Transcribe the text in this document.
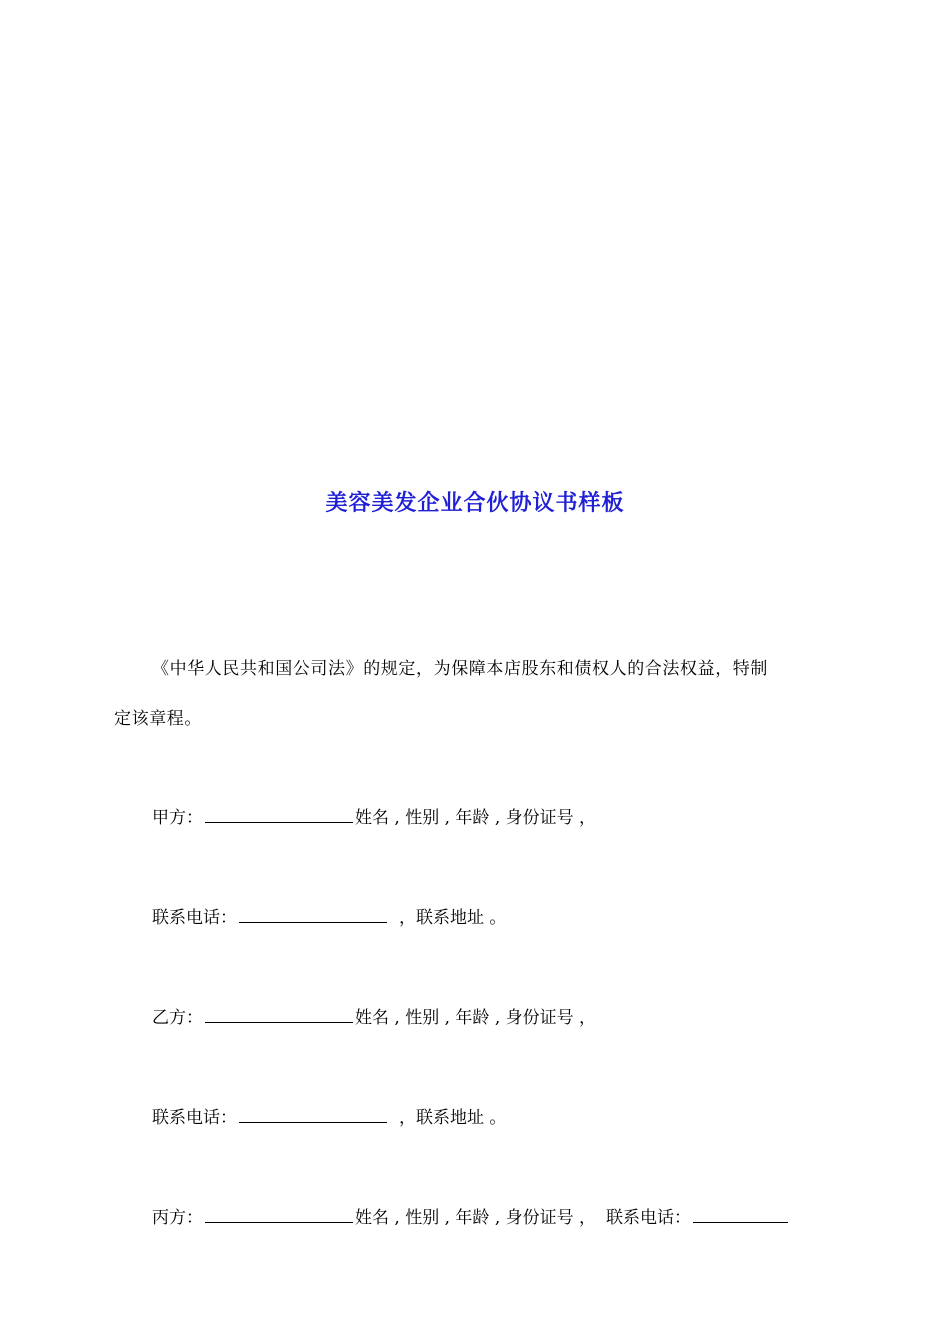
美容美发企业合伙协议书样板
《中华人民共和国公司法》的规定，为保障本店股东和债权人的合法权益，特制
定该章程。
甲方：	姓名 , 性别 , 年龄 , 身份证号 ，
联系电话：	，联系地址 。
乙方：	姓名 , 性别 , 年龄 , 身份证号 ，
联系电话：	，联系地址 。
丙方：	姓名 , 性别 , 年龄 , 身份证号 ， 联系电话：
